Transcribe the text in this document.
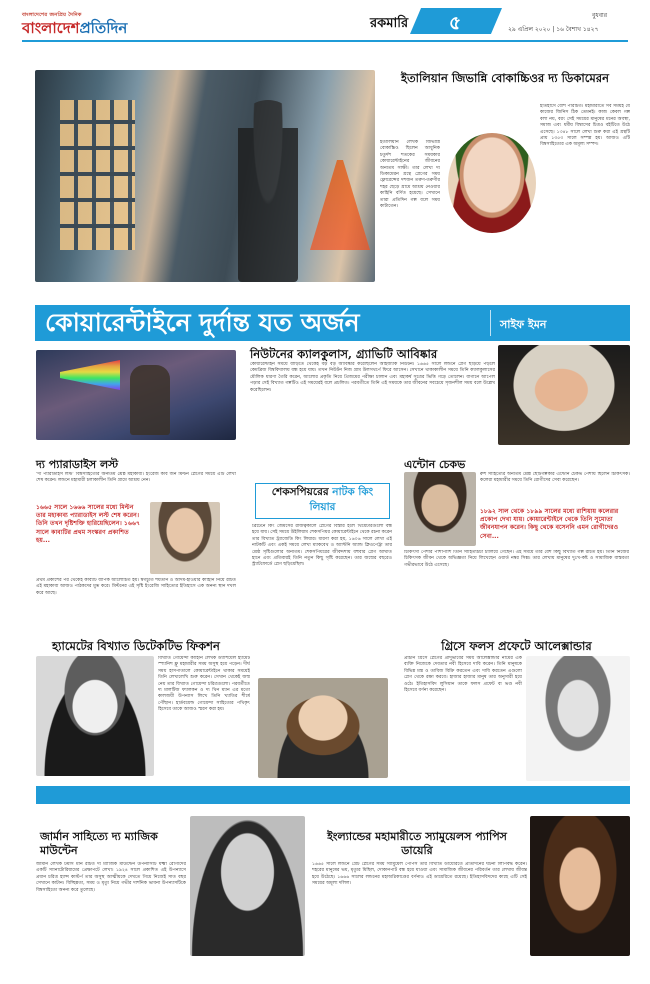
বাংলাদেশের জনপ্রিয় দৈনিক
বাংলাদেশপ্রতিদিন	রকমারি	৫	বুধবার
২৯ এপ্রিল ২০২০ | ১৬ বৈশাখ ১৪২৭
ইতালিয়ান জিভান্নি বোকাচ্চিওর দ্য ডিকামেরন
ইতালিয়ান লেখক জিভান্নি বোকাচ্চিও ছিলেন আধুনিক চতুর্দশ শতকের সময়কার কোয়ারেন্টাইনের জীবনের অন্যতম সাক্ষী। তার লেখা দ্য ডিকামেরন গ্রন্থে প্লেগের সময় ফ্লোরেন্সের দশজন তরুণ-তরুণীর শহর ছেড়ে গ্রামে আশ্রয় নেওয়ার কাহিনি বর্ণিত হয়েছে। সেখানে তারা প্রতিদিন গল্প বলে সময় কাটাতেন।
ইতিহাসে বেশি পরিচিত। মহামারীতে সব সময়ই যে কাজের জিনিস ঠিক তেমনই। কাজ কেবল গল্প বলা নয়, বরং সেই সময়ের মানুষের মনের অবস্থা, সমাজ এবং ধর্মীয় বিশ্বাসের চিত্রও বইটিতে উঠে এসেছে। ১৩৪৮ সালে লেখা শুরু করা এই গ্রন্থটি প্রায় ১৩৫৩ সালে সম্পন্ন হয়। আজও এটি বিশ্বসাহিত্যের এক অমূল্য সম্পদ।
কোয়ারেন্টাইনে দুর্দান্ত যত অর্জন	সাইফ ইমন
নিউটনের ক্যালকুলাস, গ্র্যাভিটি আবিষ্কার
কোয়ারেন্টাইন সময়ে বাড়িতে থেকেই বড় বড় আবিষ্কার করেছিলেন আইজ্যাক নিউটন। ১৬৬৫ সালে লন্ডনে প্লেগ ছড়িয়ে পড়লে কেমব্রিজ বিশ্ববিদ্যালয় বন্ধ হয়ে যায়। তখন নিউটন নিজ গ্রাম উলসথর্পে ফিরে আসেন। সেখানে থাকাকালীন সময়ে তিনি ক্যালকুলাসের মৌলিক ধারণা তৈরি করেন, আলোর প্রকৃতি নিয়ে প্রিজমের পরীক্ষা চালান এবং মহাকর্ষ সূত্রের ভিত্তি গড়ে তোলেন। বাগানে আপেল পড়ার সেই বিখ্যাত গল্পটিও এই সময়েরই বলে প্রচলিত। পরবর্তীতে তিনি এই সময়কে তার জীবনের সবচেয়ে সৃজনশীল সময় বলে উল্লেখ করেছিলেন।
দ্য প্যারাডাইস লস্ট
‘দ্য প্যারাডাইস লস্ট’ বিশ্বসাহিত্যের অন্যতম শ্রেষ্ঠ মহাকাব্য। ইংরেজ কবি জন মিল্টন প্লেগের সময়ে এটি লেখা শেষ করেন। লন্ডনে মহামারী চলাকালীন তিনি গ্রামে আশ্রয় নেন।
১৬৬৫ সালে ১৬৬৬ সালের মধ্যে মিল্টন তার মহাকাব্য প্যারাডাইস লস্ট শেষ করেন। তিনি তখন দৃষ্টিশক্তি হারিয়েছিলেন। ১৬৬৭ সালে কাব্যটির প্রথম সংস্করণ প্রকাশিত হয়...
প্রথম প্রকাশের পর থেকেই কাব্যটি ব্যাপক আলোচিত হয়। স্বর্গচ্যুত শয়তান ও আদম-হাওয়ার কাহিনি নিয়ে রচিত এই মহাকাব্য আজও পাঠকদের মুগ্ধ করে। মিল্টনের এই সৃষ্টি ইংরেজি সাহিত্যের ইতিহাসে এক অনন্য স্থান দখল করে আছে।
শেকসপিয়রের নাটক কিং লিয়ার
ব্রিটেনে কিং জেমসের রাজত্বকালে প্লেগের বিস্তার হলে থিয়েটারগুলো বন্ধ হয়ে যায়। সেই সময়ে উইলিয়াম শেকসপিয়র কোয়ারেন্টাইনে থেকে রচনা করেন তার বিখ্যাত ট্র্যাজেডি কিং লিয়ার। ধারণা করা হয়, ১৬০৬ সালে লেখা এই নাটকটি এবং একই সময়ে লেখা ম্যাকবেথ ও অ্যান্টনি অ্যান্ড ক্লিওপেট্রা তার শ্রেষ্ঠ সৃষ্টিগুলোর অন্যতম। শেকসপিয়রের জীবদ্দশায় বহুবার প্লেগ আঘাত হানে এবং প্রতিবারই তিনি নতুন কিছু সৃষ্টি করেছেন। তার জন্মের বছরেও স্ট্র্যাটফোর্ডে প্লেগ ছড়িয়েছিল।
এন্টোন চেকভ
রুশ সাহিত্যের অন্যতম শ্রেষ্ঠ ছোটগল্পকার এন্টোন চেকভ পেশায় ছিলেন চিকিৎসক। কলেরা মহামারীর সময়ে তিনি রোগীদের সেবা করেছেন।
১৮৯২ সাল থেকে ১৮৯৯ সালের মধ্যে রাশিয়ায় কলেরার প্রকোপ দেখা যায়। কোয়ারেন্টাইনে থেকে তিনি সুমোতা জীবনযাপন করেন। কিছু থেকে বসেননি এমন রোগীদেরও সেবা...
চিকিৎসা পেশার পাশাপাশি তিনি সাহিত্যচর্চা চালিয়ে গেছেন। এই সময়ে তার বেশ কিছু বিখ্যাত গল্প রচিত হয়। তিনি নিজের চিকিৎসক জীবন থেকে অভিজ্ঞতা নিয়ে লিখেছেন ওয়ার্ড নম্বর সিক্স। তার লেখায় মানুষের দুঃখ-কষ্ট ও সামাজিক বাস্তবতা গভীরভাবে উঠে এসেছে।
হ্যামেটের বিখ্যাত ডিটেকটিভ ফিকশন
বিখ্যাত গোয়েন্দা কাহিনি লেখক ড্যাশিয়েল হ্যামেট স্প্যানিশ ফ্লু মহামারীর সময় অসুস্থ হয়ে পড়েন। দীর্ঘ সময় হাসপাতালে কোয়ারেন্টাইনে থাকার সময়েই তিনি লেখালেখি শুরু করেন। সেখান থেকেই জন্ম নেয় তার বিখ্যাত গোয়েন্দা চরিত্রগুলো। পরবর্তীতে দ্য মালটিজ ফ্যালকন ও দ্য থিন ম্যান এর মতো কালজয়ী উপন্যাস লিখে তিনি খ্যাতির শীর্ষে পৌঁছান। হার্ডবয়েল্ড গোয়েন্দা সাহিত্যের পথিকৃৎ হিসেবে তাকে আজও স্মরণ করা হয়।
গ্রিসে ফলস প্রফেটে আলেক্সান্ডার
প্রাচীন গ্রিসে প্লেগের প্রাদুর্ভাবের সময় আলেক্সান্ডার নামের এক ব্যক্তি নিজেকে দেবতার নবী হিসেবে দাবি করেন। তিনি মানুষকে বিভিন্ন মন্ত্র ও তাবিজ বিক্রি করতেন এবং দাবি করতেন এগুলো প্লেগ থেকে রক্ষা করবে। হাজার হাজার মানুষ তার অনুসারী হয়ে ওঠে। ইতিহাসবিদ লুসিয়ান তাকে ফলস প্রফেট বা ভণ্ড নবী হিসেবে বর্ণনা করেছেন।
জার্মান সাহিত্যে দ্য ম্যাজিক মাউন্টেন
জার্মান লেখক টমাস মান রচিত দ্য ম্যাজিক মাউন্টেন উপন্যাসটি যক্ষ্মা রোগীদের একটি স্যানাটোরিয়ামের প্রেক্ষাপটে লেখা। ১৯২৪ সালে প্রকাশিত এই উপন্যাসে প্রধান চরিত্র হ্যান্স কাস্টর্প তার অসুস্থ আত্মীয়কে দেখতে গিয়ে নিজেই সাত বছর সেখানে কাটান। বিচ্ছিন্নতা, সময় ও মৃত্যু নিয়ে গভীর দার্শনিক ভাবনা উপন্যাসটিকে বিশ্বসাহিত্যে অনন্য করে তুলেছে।
ইংল্যান্ডের মহামারীতে স্যামুয়েলস প্যাপিস ডায়েরি
১৬৬৫ সালে লন্ডনে গ্রেট প্লেগের সময় স্যামুয়েল পেপিস তার বিখ্যাত ডায়েরিতে প্রতিদিনের ঘটনা লিপিবদ্ধ করেন। শহরের মানুষের ভয়, মৃত্যুর মিছিল, দোকানপাট বন্ধ হয়ে যাওয়া এবং সামাজিক জীবনের পরিবর্তন তার লেখায় জীবন্ত হয়ে উঠেছে। ১৬৬৬ সালের লন্ডনের মহাঅগ্নিকাণ্ডের বর্ণনাও এই ডায়েরিতে রয়েছে। ইতিহাসবিদদের কাছে এটি সেই সময়ের অমূল্য দলিল।
